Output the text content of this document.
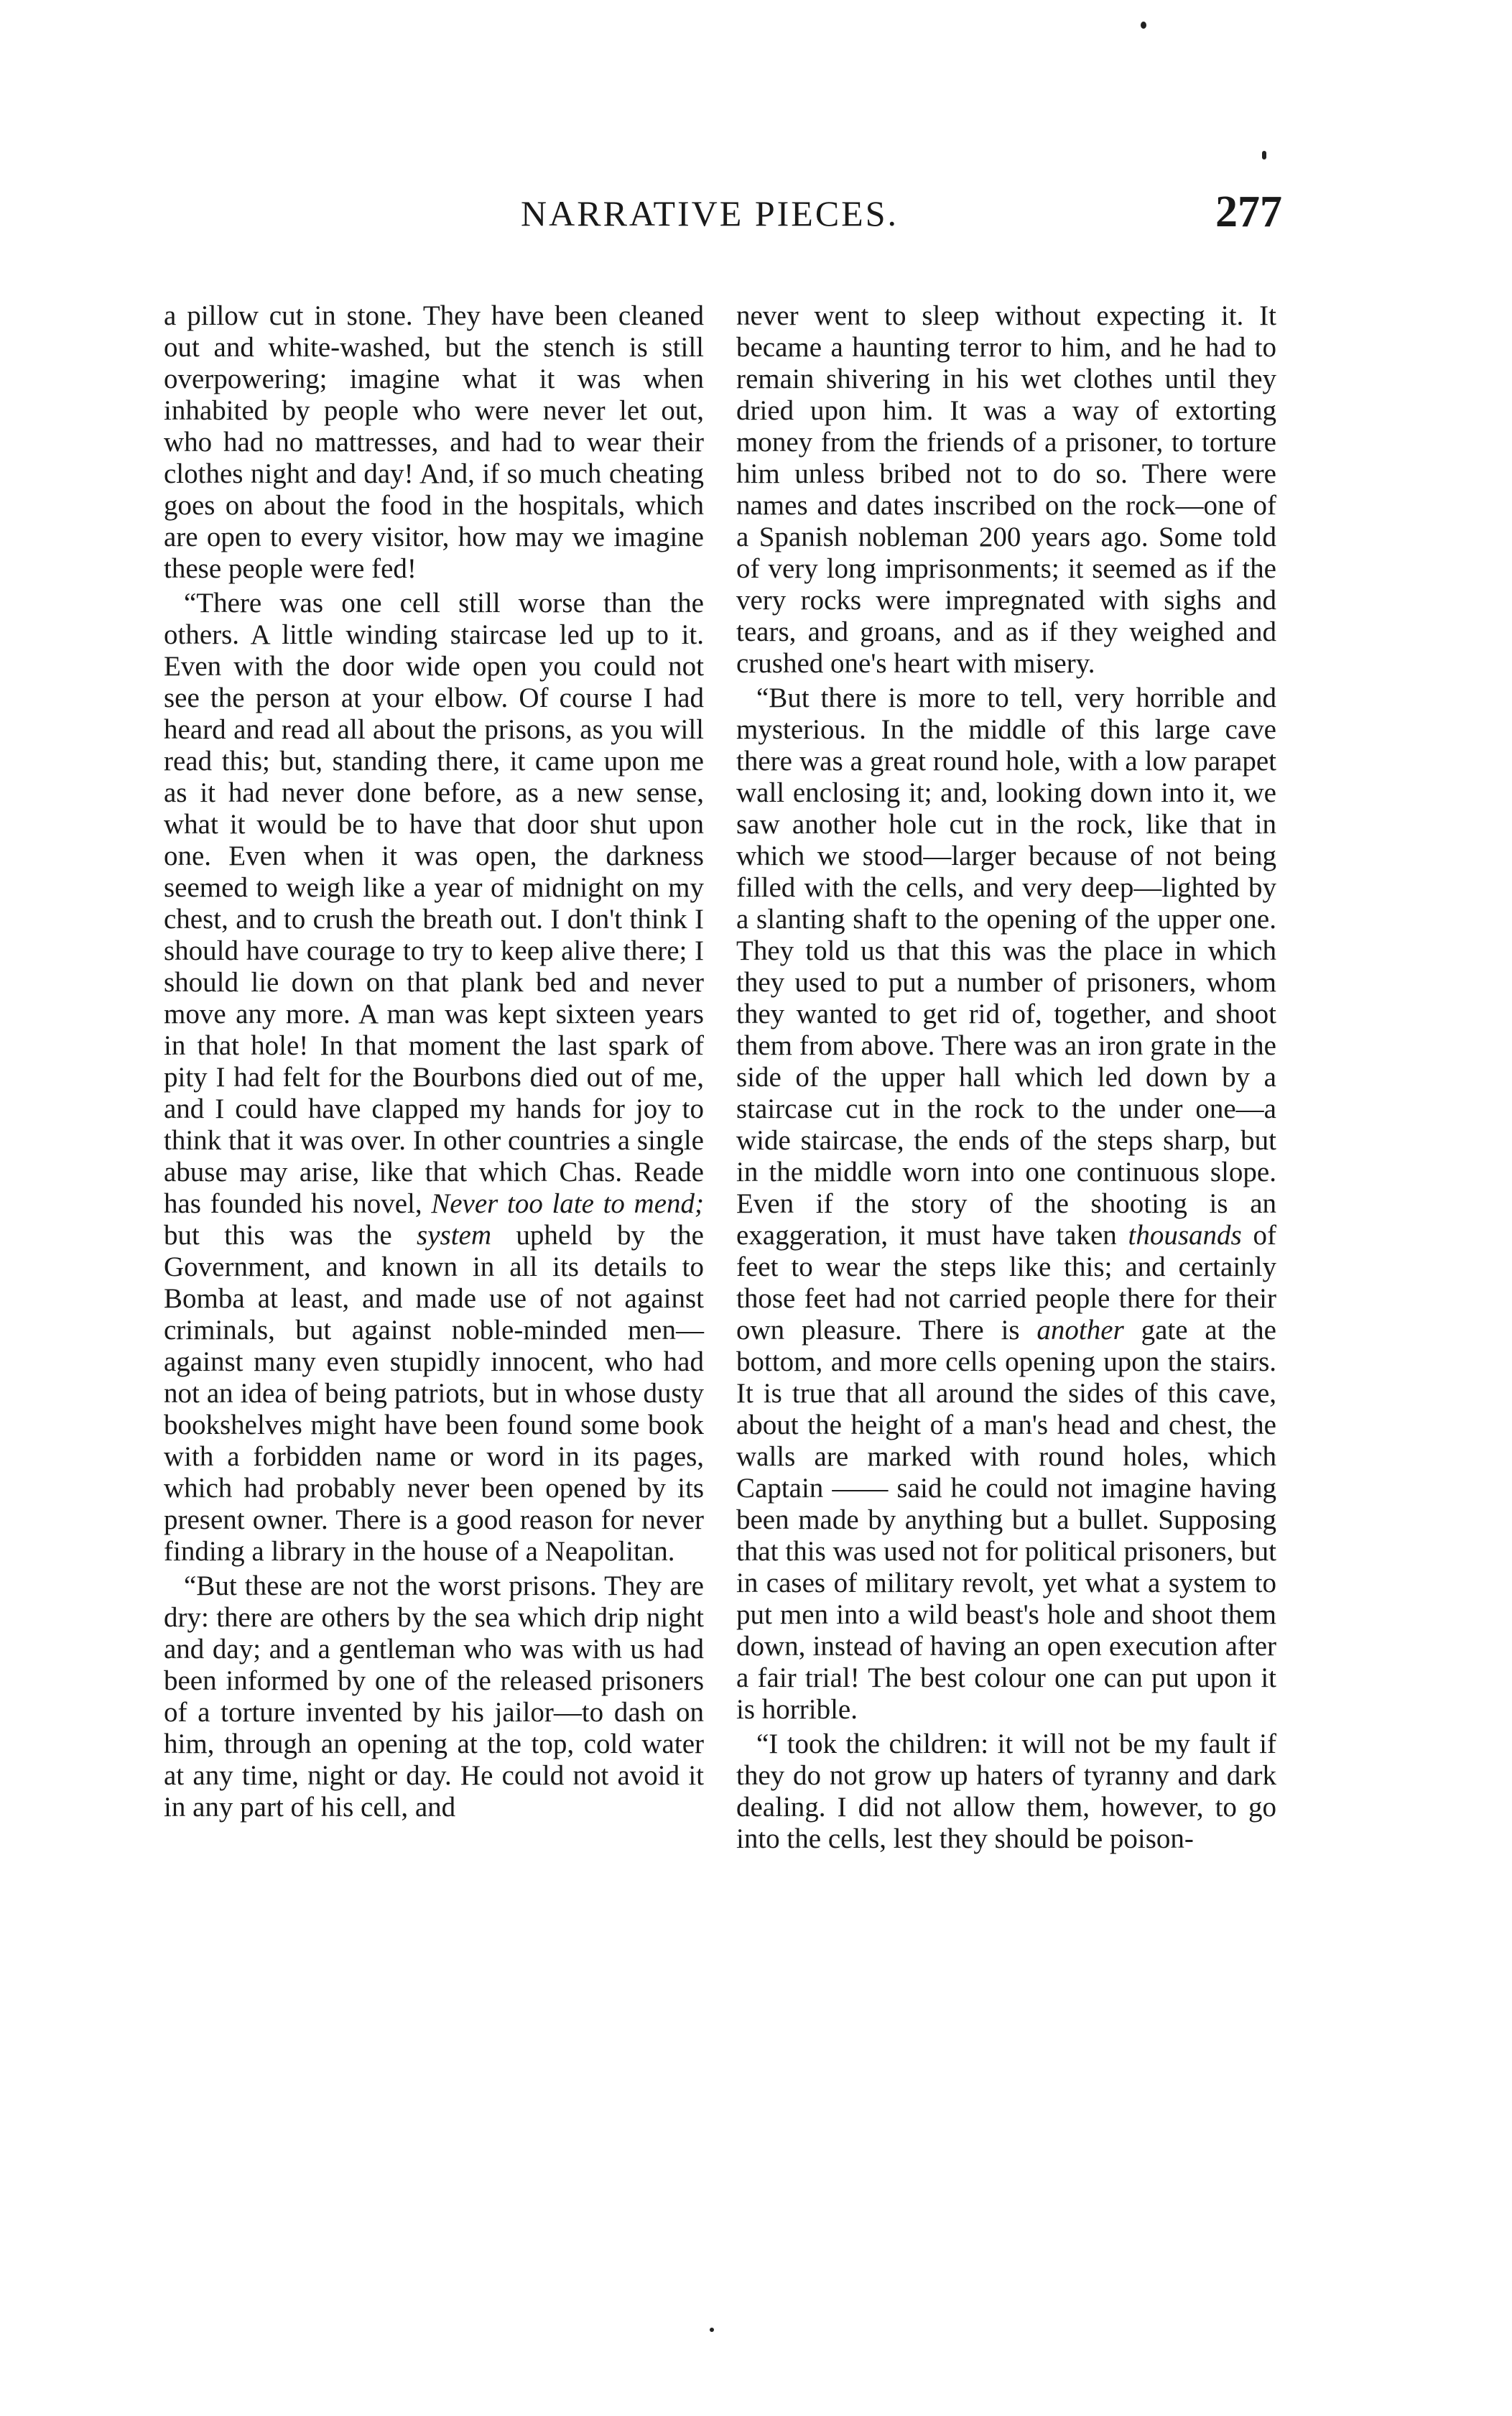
NARRATIVE PIECES.	277

a pillow cut in stone. They have been cleaned out and white-washed, but the stench is still overpowering; imagine what it was when inhabited by people who were never let out, who had no mattresses, and had to wear their clothes night and day! And, if so much cheating goes on about the food in the hospitals, which are open to every visitor, how may we imagine these people were fed!

“There was one cell still worse than the others. A little winding staircase led up to it. Even with the door wide open you could not see the person at your elbow. Of course I had heard and read all about the prisons, as you will read this; but, standing there, it came upon me as it had never done before, as a new sense, what it would be to have that door shut upon one. Even when it was open, the darkness seemed to weigh like a year of midnight on my chest, and to crush the breath out. I don't think I should have courage to try to keep alive there; I should lie down on that plank bed and never move any more. A man was kept sixteen years in that hole! In that moment the last spark of pity I had felt for the Bourbons died out of me, and I could have clapped my hands for joy to think that it was over. In other countries a single abuse may arise, like that which Chas. Reade has founded his novel, Never too late to mend; but this was the system upheld by the Government, and known in all its details to Bomba at least, and made use of not against criminals, but against noble-minded men—against many even stupidly innocent, who had not an idea of being patriots, but in whose dusty bookshelves might have been found some book with a forbidden name or word in its pages, which had probably never been opened by its present owner. There is a good reason for never finding a library in the house of a Neapolitan.

“But these are not the worst prisons. They are dry: there are others by the sea which drip night and day; and a gentleman who was with us had been informed by one of the released prisoners of a torture invented by his jailor—to dash on him, through an opening at the top, cold water at any time, night or day. He could not avoid it in any part of his cell, and

never went to sleep without expecting it. It became a haunting terror to him, and he had to remain shivering in his wet clothes until they dried upon him. It was a way of extorting money from the friends of a prisoner, to torture him unless bribed not to do so. There were names and dates inscribed on the rock—one of a Spanish nobleman 200 years ago. Some told of very long imprisonments; it seemed as if the very rocks were impregnated with sighs and tears, and groans, and as if they weighed and crushed one's heart with misery.

“But there is more to tell, very horrible and mysterious. In the middle of this large cave there was a great round hole, with a low parapet wall enclosing it; and, looking down into it, we saw another hole cut in the rock, like that in which we stood—larger because of not being filled with the cells, and very deep—lighted by a slanting shaft to the opening of the upper one. They told us that this was the place in which they used to put a number of prisoners, whom they wanted to get rid of, together, and shoot them from above. There was an iron grate in the side of the upper hall which led down by a staircase cut in the rock to the under one—a wide staircase, the ends of the steps sharp, but in the middle worn into one continuous slope. Even if the story of the shooting is an exaggeration, it must have taken thousands of feet to wear the steps like this; and certainly those feet had not carried people there for their own pleasure. There is another gate at the bottom, and more cells opening upon the stairs. It is true that all around the sides of this cave, about the height of a man's head and chest, the walls are marked with round holes, which Captain —— said he could not imagine having been made by anything but a bullet. Supposing that this was used not for political prisoners, but in cases of military revolt, yet what a system to put men into a wild beast's hole and shoot them down, instead of having an open execution after a fair trial! The best colour one can put upon it is horrible.

“I took the children: it will not be my fault if they do not grow up haters of tyranny and dark dealing. I did not allow them, however, to go into the cells, lest they should be poison-
